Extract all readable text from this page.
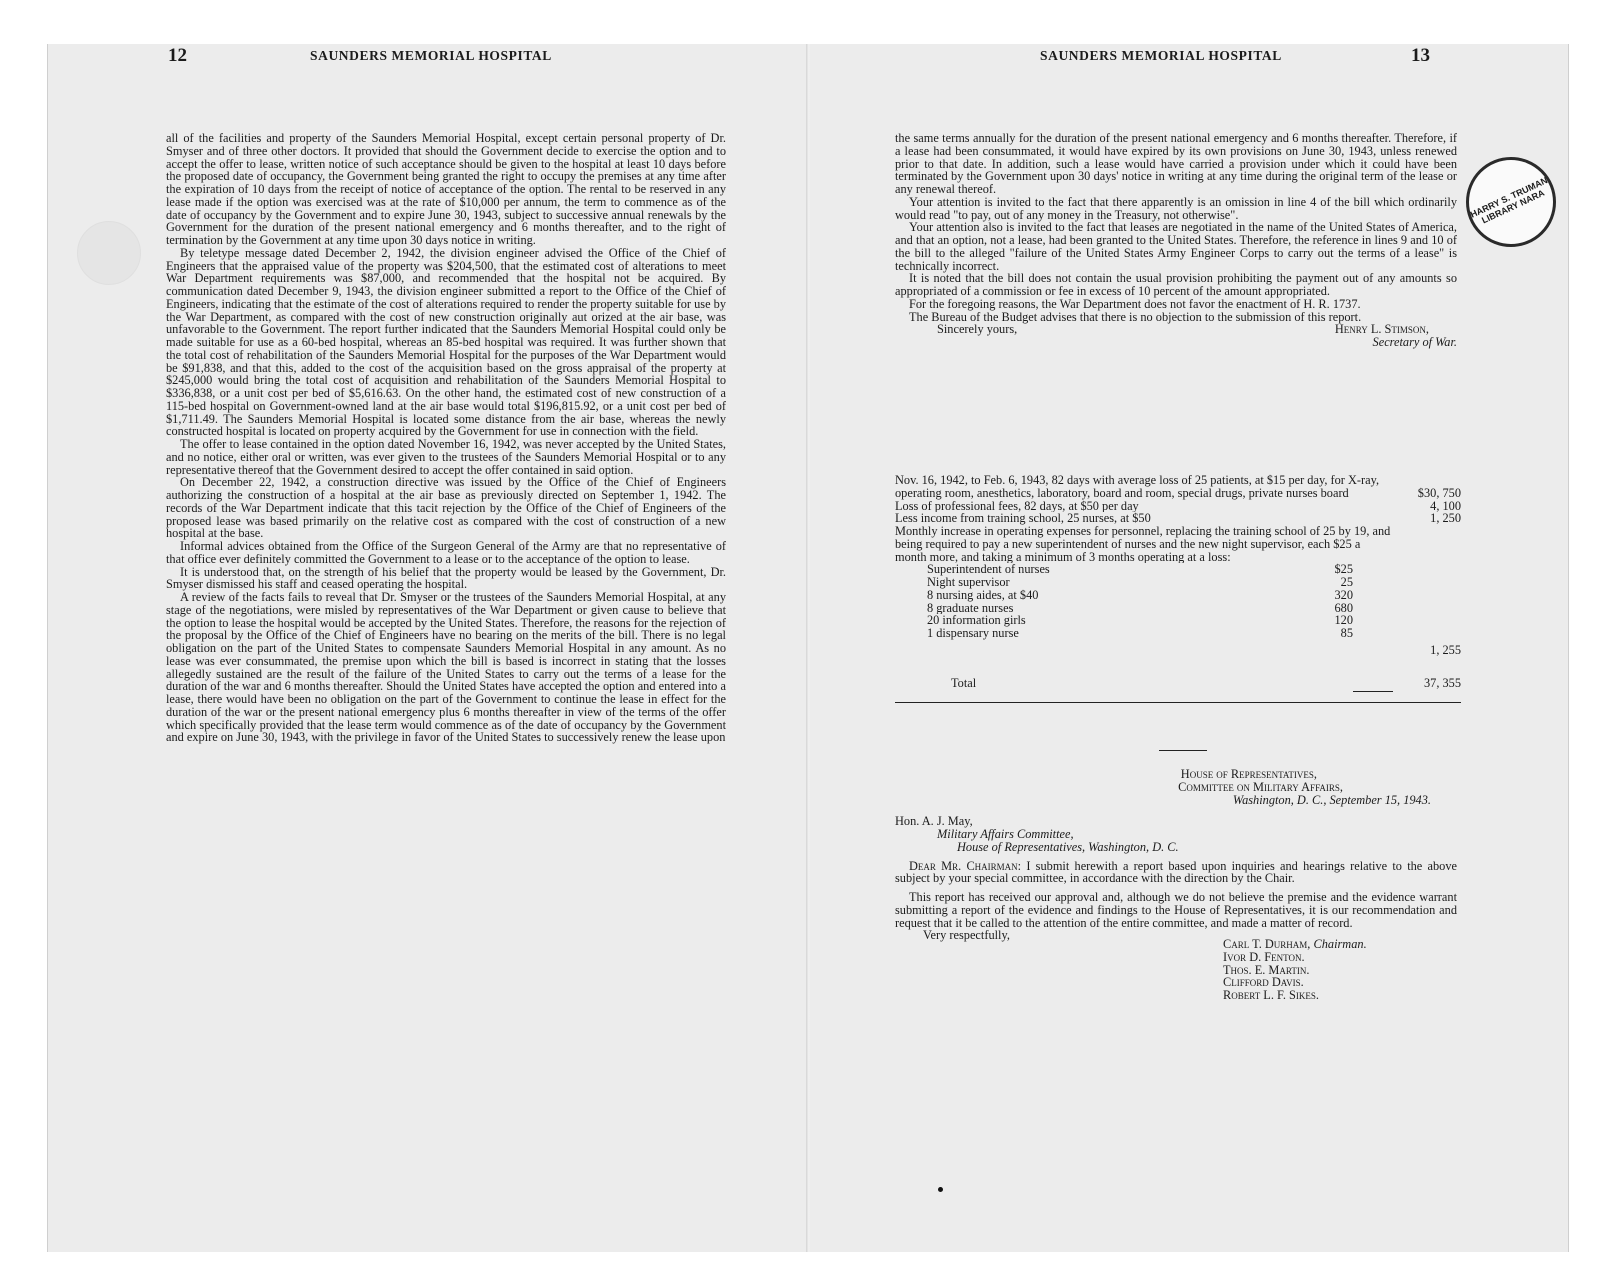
12	SAUNDERS MEMORIAL HOSPITAL

all of the facilities and property of the Saunders Memorial Hospital, except certain personal property of Dr. Smyser and of three other doctors. It provided that should the Government decide to exercise the option and to accept the offer to lease, written notice of such acceptance should be given to the hospital at least 10 days before the proposed date of occupancy, the Government being granted the right to occupy the premises at any time after the expiration of 10 days from the receipt of notice of acceptance of the option. The rental to be reserved in any lease made if the option was exercised was at the rate of $10,000 per annum, the term to commence as of the date of occupancy by the Government and to expire June 30, 1943, subject to successive annual renewals by the Government for the duration of the present national emergency and 6 months thereafter, and to the right of termination by the Government at any time upon 30 days notice in writing.

By teletype message dated December 2, 1942, the division engineer advised the Office of the Chief of Engineers that the appraised value of the property was $204,500, that the estimated cost of alterations to meet War Department requirements was $87,000, and recommended that the hospital not be acquired. By communication dated December 9, 1943, the division engineer submitted a report to the Office of the Chief of Engineers, indicating that the estimate of the cost of alterations required to render the property suitable for use by the War Department, as compared with the cost of new construction originally aut orized at the air base, was unfavorable to the Government. The report further indicated that the Saunders Memorial Hospital could only be made suitable for use as a 60-bed hospital, whereas an 85-bed hospital was required. It was further shown that the total cost of rehabilitation of the Saunders Memorial Hospital for the purposes of the War Department would be $91,838, and that this, added to the cost of the acquisition based on the gross appraisal of the property at $245,000 would bring the total cost of acquisition and rehabilitation of the Saunders Memorial Hospital to $336,838, or a unit cost per bed of $5,616.63. On the other hand, the estimated cost of new construction of a 115-bed hospital on Government-owned land at the air base would total $196,815.92, or a unit cost per bed of $1,711.49. The Saunders Memorial Hospital is located some distance from the air base, whereas the newly constructed hospital is located on property acquired by the Government for use in connection with the field.

The offer to lease contained in the option dated November 16, 1942, was never accepted by the United States, and no notice, either oral or written, was ever given to the trustees of the Saunders Memorial Hospital or to any representative thereof that the Government desired to accept the offer contained in said option.

On December 22, 1942, a construction directive was issued by the Office of the Chief of Engineers authorizing the construction of a hospital at the air base as previously directed on September 1, 1942. The records of the War Department indicate that this tacit rejection by the Office of the Chief of Engineers of the proposed lease was based primarily on the relative cost as compared with the cost of construction of a new hospital at the base.

Informal advices obtained from the Office of the Surgeon General of the Army are that no representative of that office ever definitely committed the Government to a lease or to the acceptance of the option to lease.

It is understood that, on the strength of his belief that the property would be leased by the Government, Dr. Smyser dismissed his staff and ceased operating the hospital.

A review of the facts fails to reveal that Dr. Smyser or the trustees of the Saunders Memorial Hospital, at any stage of the negotiations, were misled by representatives of the War Department or given cause to believe that the option to lease the hospital would be accepted by the United States. Therefore, the reasons for the rejection of the proposal by the Office of the Chief of Engineers have no bearing on the merits of the bill. There is no legal obligation on the part of the United States to compensate Saunders Memorial Hospital in any amount. As no lease was ever consummated, the premise upon which the bill is based is incorrect in stating that the losses allegedly sustained are the result of the failure of the United States to carry out the terms of a lease for the duration of the war and 6 months thereafter. Should the United States have accepted the option and entered into a lease, there would have been no obligation on the part of the Government to continue the lease in effect for the duration of the war or the present national emergency plus 6 months thereafter in view of the terms of the offer which specifically provided that the lease term would commence as of the date of occupancy by the Government and expire on June 30, 1943, with the privilege in favor of the United States to successively renew the lease upon

SAUNDERS MEMORIAL HOSPITAL	13
HARRY S. TRUMAN LIBRARY NARA

the same terms annually for the duration of the present national emergency and 6 months thereafter. Therefore, if a lease had been consummated, it would have expired by its own provisions on June 30, 1943, unless renewed prior to that date. In addition, such a lease would have carried a provision under which it could have been terminated by the Government upon 30 days' notice in writing at any time during the original term of the lease or any renewal thereof.

Your attention is invited to the fact that there apparently is an omission in line 4 of the bill which ordinarily would read "to pay, out of any money in the Treasury, not otherwise".

Your attention also is invited to the fact that leases are negotiated in the name of the United States of America, and that an option, not a lease, had been granted to the United States. Therefore, the reference in lines 9 and 10 of the bill to the alleged "failure of the United States Army Engineer Corps to carry out the terms of a lease" is technically incorrect.

It is noted that the bill does not contain the usual provision prohibiting the payment out of any amounts so appropriated of a commission or fee in excess of 10 percent of the amount appropriated.

For the foregoing reasons, the War Department does not favor the enactment of H. R. 1737.

The Bureau of the Budget advises that there is no objection to the submission of this report.

Sincerely yours,	Henry L. Stimson,
Secretary of War.
Nov. 16, 1942, to Feb. 6, 1943, 82 days with average loss of 25 patients, at $15 per day, for X-ray, operating room, anesthetics, laboratory, board and room, special drugs, private nurses board	$30, 750
Loss of professional fees, 82 days, at $50 per day	4, 100
Less income from training school, 25 nurses, at $50	1, 250
Monthly increase in operating expenses for personnel, replacing the training school of 25 by 19, and being required to pay a new superintendent of nurses and the new night supervisor, each $25 a month more, and taking a minimum of 3 months operating at a loss:
Superintendent of nurses	$25
Night supervisor	25
8 nursing aides, at $40	320
8 graduate nurses	680
20 information girls	120
1 dispensary nurse	85
1, 255
Total	37, 355
House of Representatives,
Committee on Military Affairs,
Washington, D. C., September 15, 1943.
Hon. A. J. May,
Military Affairs Committee,
House of Representatives, Washington, D. C.

Dear Mr. Chairman: I submit herewith a report based upon inquiries and hearings relative to the above subject by your special committee, in accordance with the direction by the Chair.

This report has received our approval and, although we do not believe the premise and the evidence warrant submitting a report of the evidence and findings to the House of Representatives, it is our recommendation and request that it be called to the attention of the entire committee, and made a matter of record.

Very respectfully,

Carl T. Durham, Chairman.
Ivor D. Fenton.
Thos. E. Martin.
Clifford Davis.
Robert L. F. Sikes.
